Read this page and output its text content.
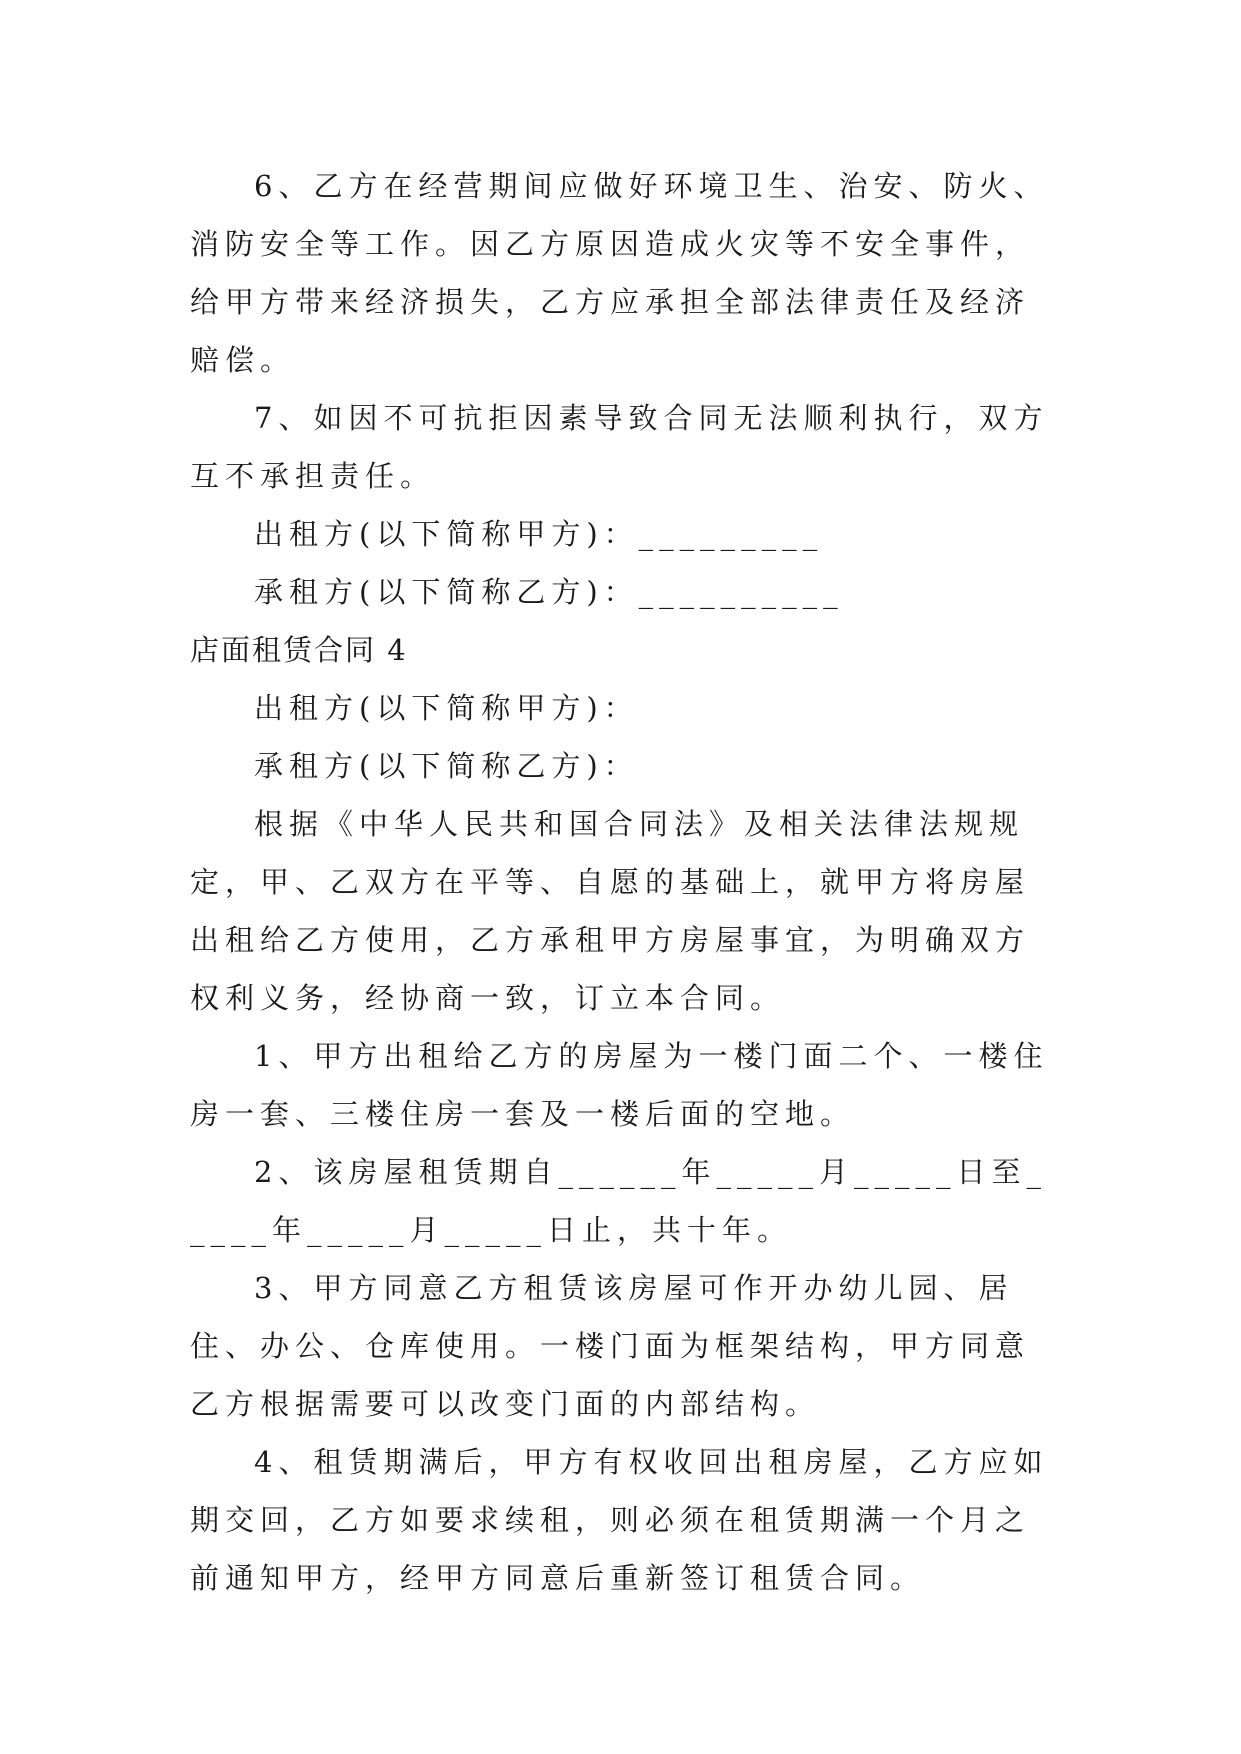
6、乙方在经营期间应做好环境卫生、治安、防火、消防安全等工作。因乙方原因造成火灾等不安全事件，给甲方带来经济损失，乙方应承担全部法律责任及经济赔偿。

7、如因不可抗拒因素导致合同无法顺利执行，双方互不承担责任。

出租方(以下简称甲方)：_________

承租方(以下简称乙方)：__________

店面租赁合同 4

出租方(以下简称甲方)：

承租方(以下简称乙方)：

根据《中华人民共和国合同法》及相关法律法规规定，甲、乙双方在平等、自愿的基础上，就甲方将房屋出租给乙方使用，乙方承租甲方房屋事宜，为明确双方权利义务，经协商一致，订立本合同。

1、甲方出租给乙方的房屋为一楼门面二个、一楼住房一套、三楼住房一套及一楼后面的空地。

2、该房屋租赁期自______年_____月_____日至_____年_____月_____日止，共十年。

3、甲方同意乙方租赁该房屋可作开办幼儿园、居住、办公、仓库使用。一楼门面为框架结构，甲方同意乙方根据需要可以改变门面的内部结构。

4、租赁期满后，甲方有权收回出租房屋，乙方应如期交回，乙方如要求续租，则必须在租赁期满一个月之前通知甲方，经甲方同意后重新签订租赁合同。
